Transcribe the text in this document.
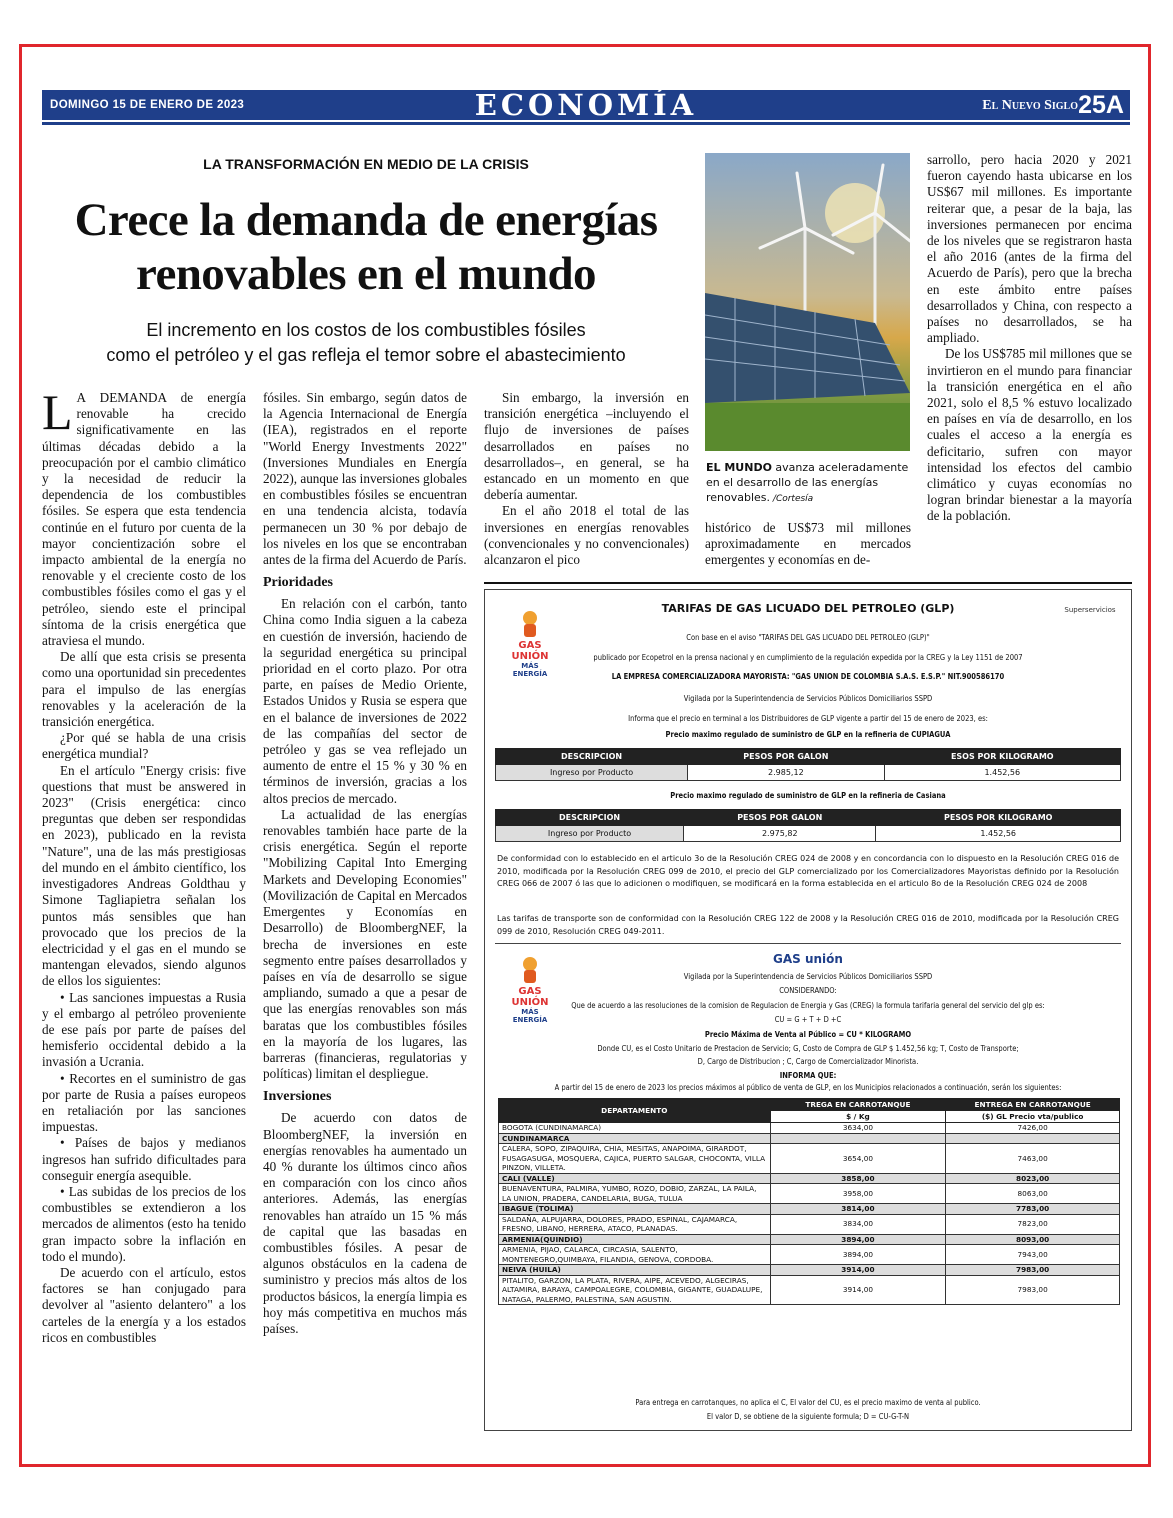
DOMINGO 15 DE ENERO DE 2023	ECONOMÍA	El Nuevo Siglo 25A
LA TRANSFORMACIÓN EN MEDIO DE LA CRISIS
Crece la demanda de energías
renovables en el mundo
El incremento en los costos de los combustibles fósiles
como el petróleo y el gas refleja el temor sobre el abastecimiento

L A DEMANDA de energía renovable ha crecido significativamente en las últimas décadas debido a la preocupación por el cambio climático y la necesidad de reducir la dependencia de los combustibles fósiles. Se espera que esta tendencia continúe en el futuro por cuenta de la mayor concientización sobre el impacto ambiental de la energía no renovable y el creciente costo de los combustibles fósiles como el gas y el petróleo, siendo este el principal síntoma de la crisis energética que atraviesa el mundo.

De allí que esta crisis se presenta como una oportunidad sin precedentes para el impulso de las energías renovables y la aceleración de la transición energética.

¿Por qué se habla de una crisis energética mundial?

En el artículo "Energy crisis: five questions that must be answered in 2023" (Crisis energética: cinco preguntas que deben ser respondidas en 2023), publicado en la revista "Nature", una de las más prestigiosas del mundo en el ámbito científico, los investigadores Andreas Goldthau y Simone Tagliapietra señalan los puntos más sensibles que han provocado que los precios de la electricidad y el gas en el mundo se mantengan elevados, siendo algunos de ellos los siguientes:

• Las sanciones impuestas a Rusia y el embargo al petróleo proveniente de ese país por parte de países del hemisferio occidental debido a la invasión a Ucrania.

• Recortes en el suministro de gas por parte de Rusia a países europeos en retaliación por las sanciones impuestas.

• Países de bajos y medianos ingresos han sufrido dificultades para conseguir energía asequible.

• Las subidas de los precios de los combustibles se extendieron a los mercados de alimentos (esto ha tenido gran impacto sobre la inflación en todo el mundo).

De acuerdo con el artículo, estos factores se han conjugado para devolver al "asiento delantero" a los carteles de la energía y a los estados ricos en combustibles

fósiles. Sin embargo, según datos de la Agencia Internacional de Energía (IEA), registrados en el reporte "World Energy Investments 2022"(Inversiones Mundiales en Energía 2022), aunque las inversiones globales en combustibles fósiles se encuentran en una tendencia alcista, todavía permanecen un 30 % por debajo de los niveles en los que se encontraban antes de la firma del Acuerdo de París.

Prioridades

En relación con el carbón, tanto China como India siguen a la cabeza en cuestión de inversión, haciendo de la seguridad energética su principal prioridad en el corto plazo. Por otra parte, en países de Medio Oriente, Estados Unidos y Rusia se espera que en el balance de inversiones de 2022 de las compañías del sector de petróleo y gas se vea reflejado un aumento de entre el 15 % y 30 % en términos de inversión, gracias a los altos precios de mercado.

La actualidad de las energías renovables también hace parte de la crisis energética. Según el reporte "Mobilizing Capital Into Emerging Markets and Developing Economies" (Movilización de Capital en Mercados Emergentes y Economías en Desarrollo) de BloombergNEF, la brecha de inversiones en este segmento entre países desarrollados y países en vía de desarrollo se sigue ampliando, sumado a que a pesar de que las energías renovables son más baratas que los combustibles fósiles en la mayoría de los lugares, las barreras (financieras, regulatorias y políticas) limitan el despliegue.

Inversiones

De acuerdo con datos de BloombergNEF, la inversión en energías renovables ha aumentado un 40 % durante los últimos cinco años en comparación con los cinco años anteriores. Además, las energías renovables han atraído un 15 % más de capital que las basadas en combustibles fósiles. A pesar de algunos obstáculos en la cadena de suministro y precios más altos de los productos básicos, la energía limpia es hoy más competitiva en muchos más países.

Sin embargo, la inversión en transición energética –incluyendo el flujo de inversiones de países desarrollados en países no desarrollados–, en general, se ha estancado en un momento en que debería aumentar.

En el año 2018 el total de las inversiones en energías renovables (convencionales y no convencionales) alcanzaron el pico

EL MUNDO avanza aceleradamente en el desarrollo de las energías renovables. /Cortesía

histórico de US$73 mil millones aproximadamente en mercados emergentes y economías en de-

sarrollo, pero hacia 2020 y 2021 fueron cayendo hasta ubicarse en los US$67 mil millones. Es importante reiterar que, a pesar de la baja, las inversiones permanecen por encima de los niveles que se registraron hasta el año 2016 (antes de la firma del Acuerdo de París), pero que la brecha en este ámbito entre países desarrollados y China, con respecto a países no desarrollados, se ha ampliado.

De los US$785 mil millones que se invirtieron en el mundo para financiar la transición energética en el año 2021, solo el 8,5 % estuvo localizado en países en vía de desarrollo, en los cuales el acceso a la energía es deficitario, sufren con mayor intensidad los efectos del cambio climático y cuyas economías no logran brindar bienestar a la mayoría de la población.

GAS UNIÓN
MÁS ENERGÍA
Superservicios
TARIFAS DE GAS LICUADO DEL PETROLEO (GLP)
Con base en el aviso "TARIFAS DEL GAS LICUADO DEL PETROLEO (GLP)"
publicado por Ecopetrol en la prensa nacional y en cumplimiento de la regulación expedida por la CREG y la Ley 1151 de 2007
LA EMPRESA COMERCIALIZADORA MAYORISTA: "GAS UNION DE COLOMBIA S.A.S. E.S.P." NIT.900586170
Vigilada por la Superintendencia de Servicios Públicos Domiciliarios SSPD
Informa que el precio en terminal a los Distribuidores de GLP vigente a partir del 15 de enero de 2023, es:
Precio maximo regulado de suministro de GLP en la refineria de CUPIAGUA
DESCRIPCION	PESOS POR GALON	ESOS POR KILOGRAMO
Ingreso por Producto	2.985,12	1.452,56
Precio maximo regulado de suministro de GLP en la refineria de Casiana
DESCRIPCION	PESOS POR GALON	PESOS POR KILOGRAMO
Ingreso por Producto	2.975,82	1.452,56
De conformidad con lo establecido en el articulo 3o de la Resolución CREG 024 de 2008 y en concordancia con lo dispuesto en la Resolución CREG 016 de 2010, modificada por la Resolución CREG 099 de 2010, el precio del GLP comercializado por los Comercializadores Mayoristas definido por la Resolución CREG 066 de 2007 ó las que lo adicionen o modifiquen, se modificará en la forma establecida en el articulo 8o de la Resolución CREG 024 de 2008
Las tarifas de transporte son de conformidad con la Resolución CREG 122 de 2008 y la Resolución CREG 016 de 2010, modificada por la Resolución CREG 099 de 2010, Resolución CREG 049-2011.
GAS UNIÓN
MÁS ENERGÍA
GAS unión
Vigilada por la Superintendencia de Servicios Públicos Domiciliarios SSPD
CONSIDERANDO:
Que de acuerdo a las resoluciones de la comision de Regulacion de Energia y Gas (CREG) la formula tarifaria general del servicio del glp es:
CU = G + T + D +C
Precio Máxima de Venta al Público = CU * KILOGRAMO
Donde CU, es el Costo Unitario de Prestacion de Servicio; G, Costo de Compra de GLP $ 1.452,56 kg; T, Costo de Transporte;
D, Cargo de Distribucion ; C, Cargo de Comercializador Minorista.
INFORMA QUE:
A partir del 15 de enero de 2023 los precios máximos al público de venta de GLP, en los Municipios relacionados a continuación, serán los siguientes:
DEPARTAMENTO	TREGA EN CARROTANQUE	ENTREGA EN CARROTANQUE
	$ / Kg	($) GL Precio vta/publico
BOGOTA (CUNDINAMARCA)	3634,00	7426,00
CUNDINAMARCA		
CALERA, SOPO, ZIPAQUIRA, CHIA, MESITAS, ANAPOIMA, GIRARDOT, FUSAGASUGA, MOSQUERA, CAJICA, PUERTO SALGAR, CHOCONTA, VILLA PINZON, VILLETA.	3654,00	7463,00
CALI (VALLE)	3858,00	8023,00
BUENAVENTURA, PALMIRA, YUMBO, ROZO, DOBIO, ZARZAL, LA PAILA, LA UNION, PRADERA, CANDELARIA, BUGA, TULUA	3958,00	8063,00
IBAGUE (TOLIMA)	3814,00	7783,00
SALDAÑA, ALPUJARRA, DOLORES, PRADO, ESPINAL, CAJAMARCA, FRESNO, LIBANO, HERRERA, ATACO, PLANADAS.	3834,00	7823,00
ARMENIA(QUINDIO)	3894,00	8093,00
ARMENIA, PIJAO, CALARCA, CIRCASIA, SALENTO, MONTENEGRO,QUIMBAYA, FILANDIA, GENOVA, CORDOBA.	3894,00	7943,00
NEIVA (HUILA)	3914,00	7983,00
PITALITO, GARZON, LA PLATA, RIVERA, AIPE, ACEVEDO, ALGECIRAS, ALTAMIRA, BARAYA, CAMPOALEGRE, COLOMBIA, GIGANTE, GUADALUPE, NATAGA, PALERMO, PALESTINA, SAN AGUSTIN.	3914,00	7983,00
Para entrega en carrotanques, no aplica el C, El valor del CU, es el precio maximo de venta al publico.
El valor D, se obtiene de la siguiente formula; D = CU-G-T-N
